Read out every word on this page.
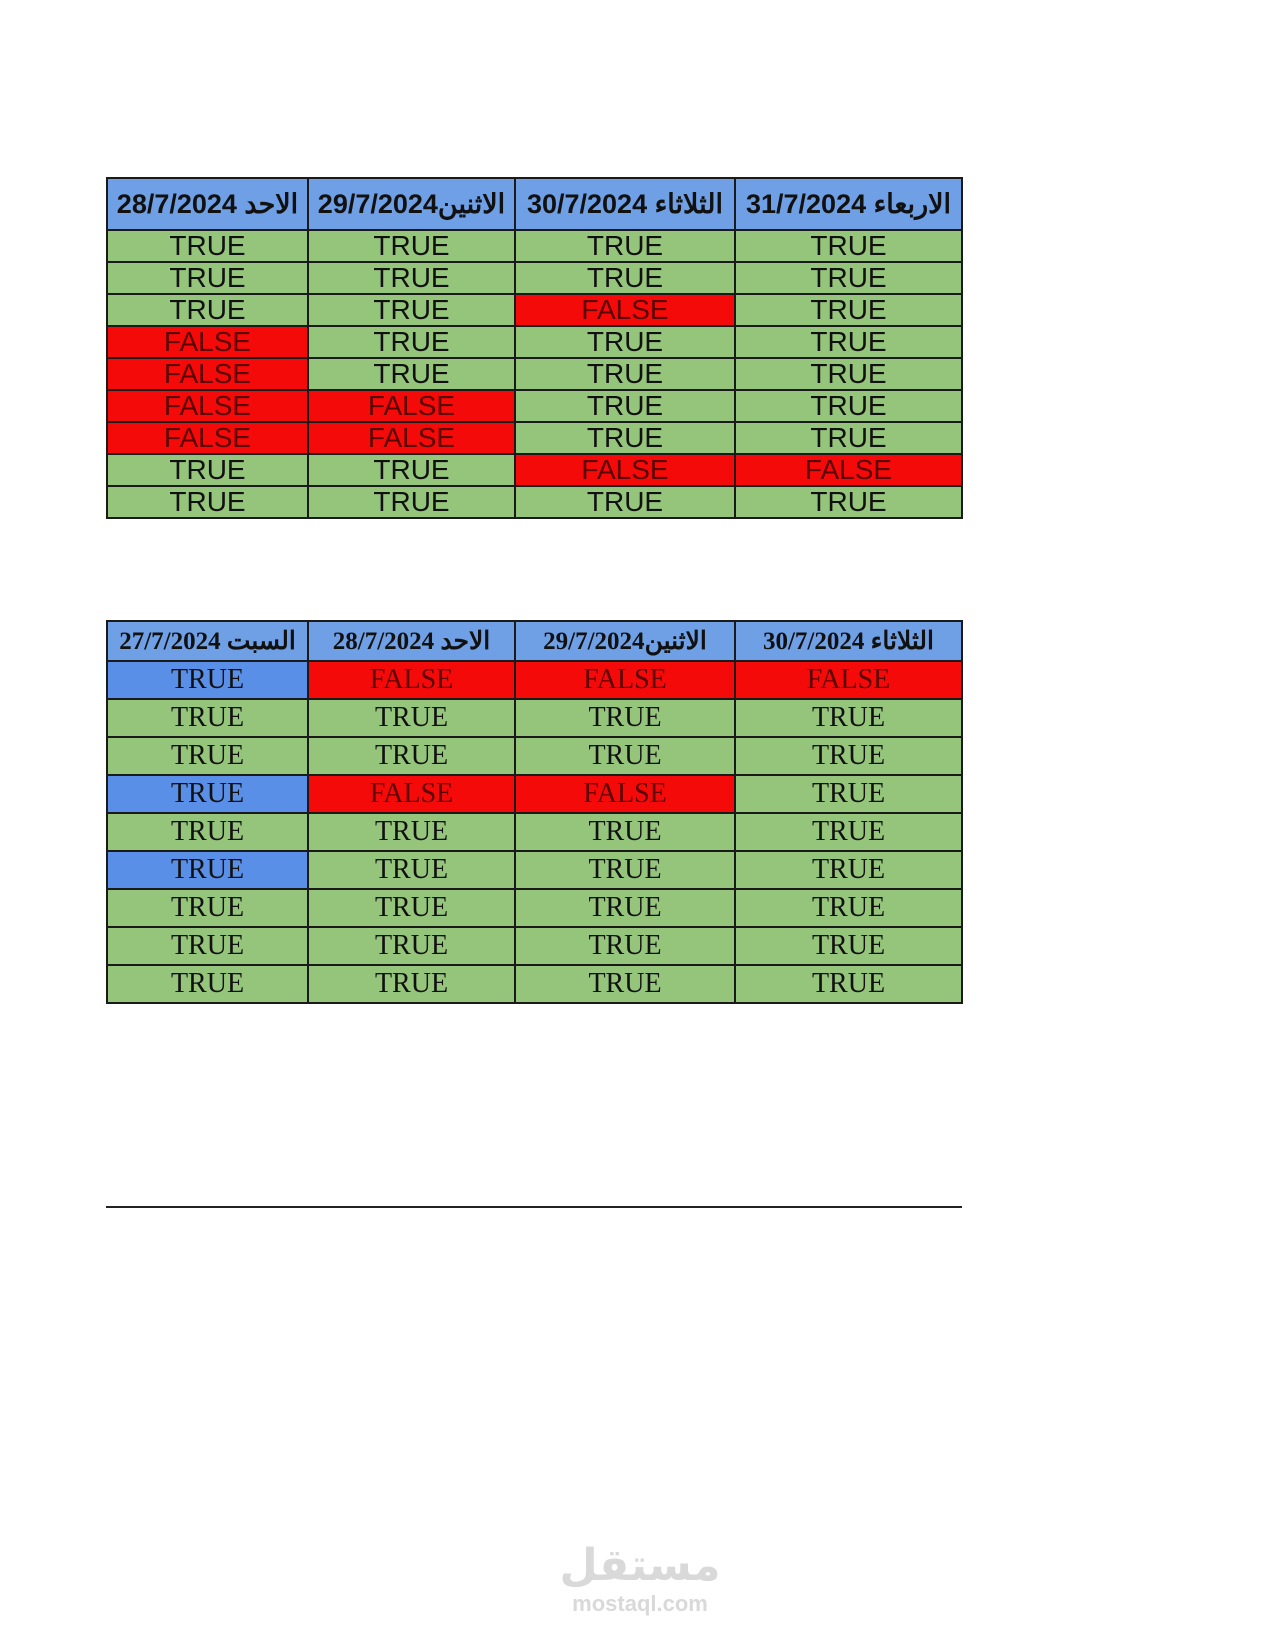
الاحد 28/7/2024	الاثنين29/7/2024	الثلاثاء 30/7/2024	الاربعاء 31/7/2024
TRUE	TRUE	TRUE	TRUE
TRUE	TRUE	TRUE	TRUE
TRUE	TRUE	FALSE	TRUE
FALSE	TRUE	TRUE	TRUE
FALSE	TRUE	TRUE	TRUE
FALSE	FALSE	TRUE	TRUE
FALSE	FALSE	TRUE	TRUE
TRUE	TRUE	FALSE	FALSE
TRUE	TRUE	TRUE	TRUE
السبت 27/7/2024	الاحد 28/7/2024	الاثنين29/7/2024	الثلاثاء 30/7/2024
TRUE	FALSE	FALSE	FALSE
TRUE	TRUE	TRUE	TRUE
TRUE	TRUE	TRUE	TRUE
TRUE	FALSE	FALSE	TRUE
TRUE	TRUE	TRUE	TRUE
TRUE	TRUE	TRUE	TRUE
TRUE	TRUE	TRUE	TRUE
TRUE	TRUE	TRUE	TRUE
TRUE	TRUE	TRUE	TRUE
مستقل
mostaql.com
